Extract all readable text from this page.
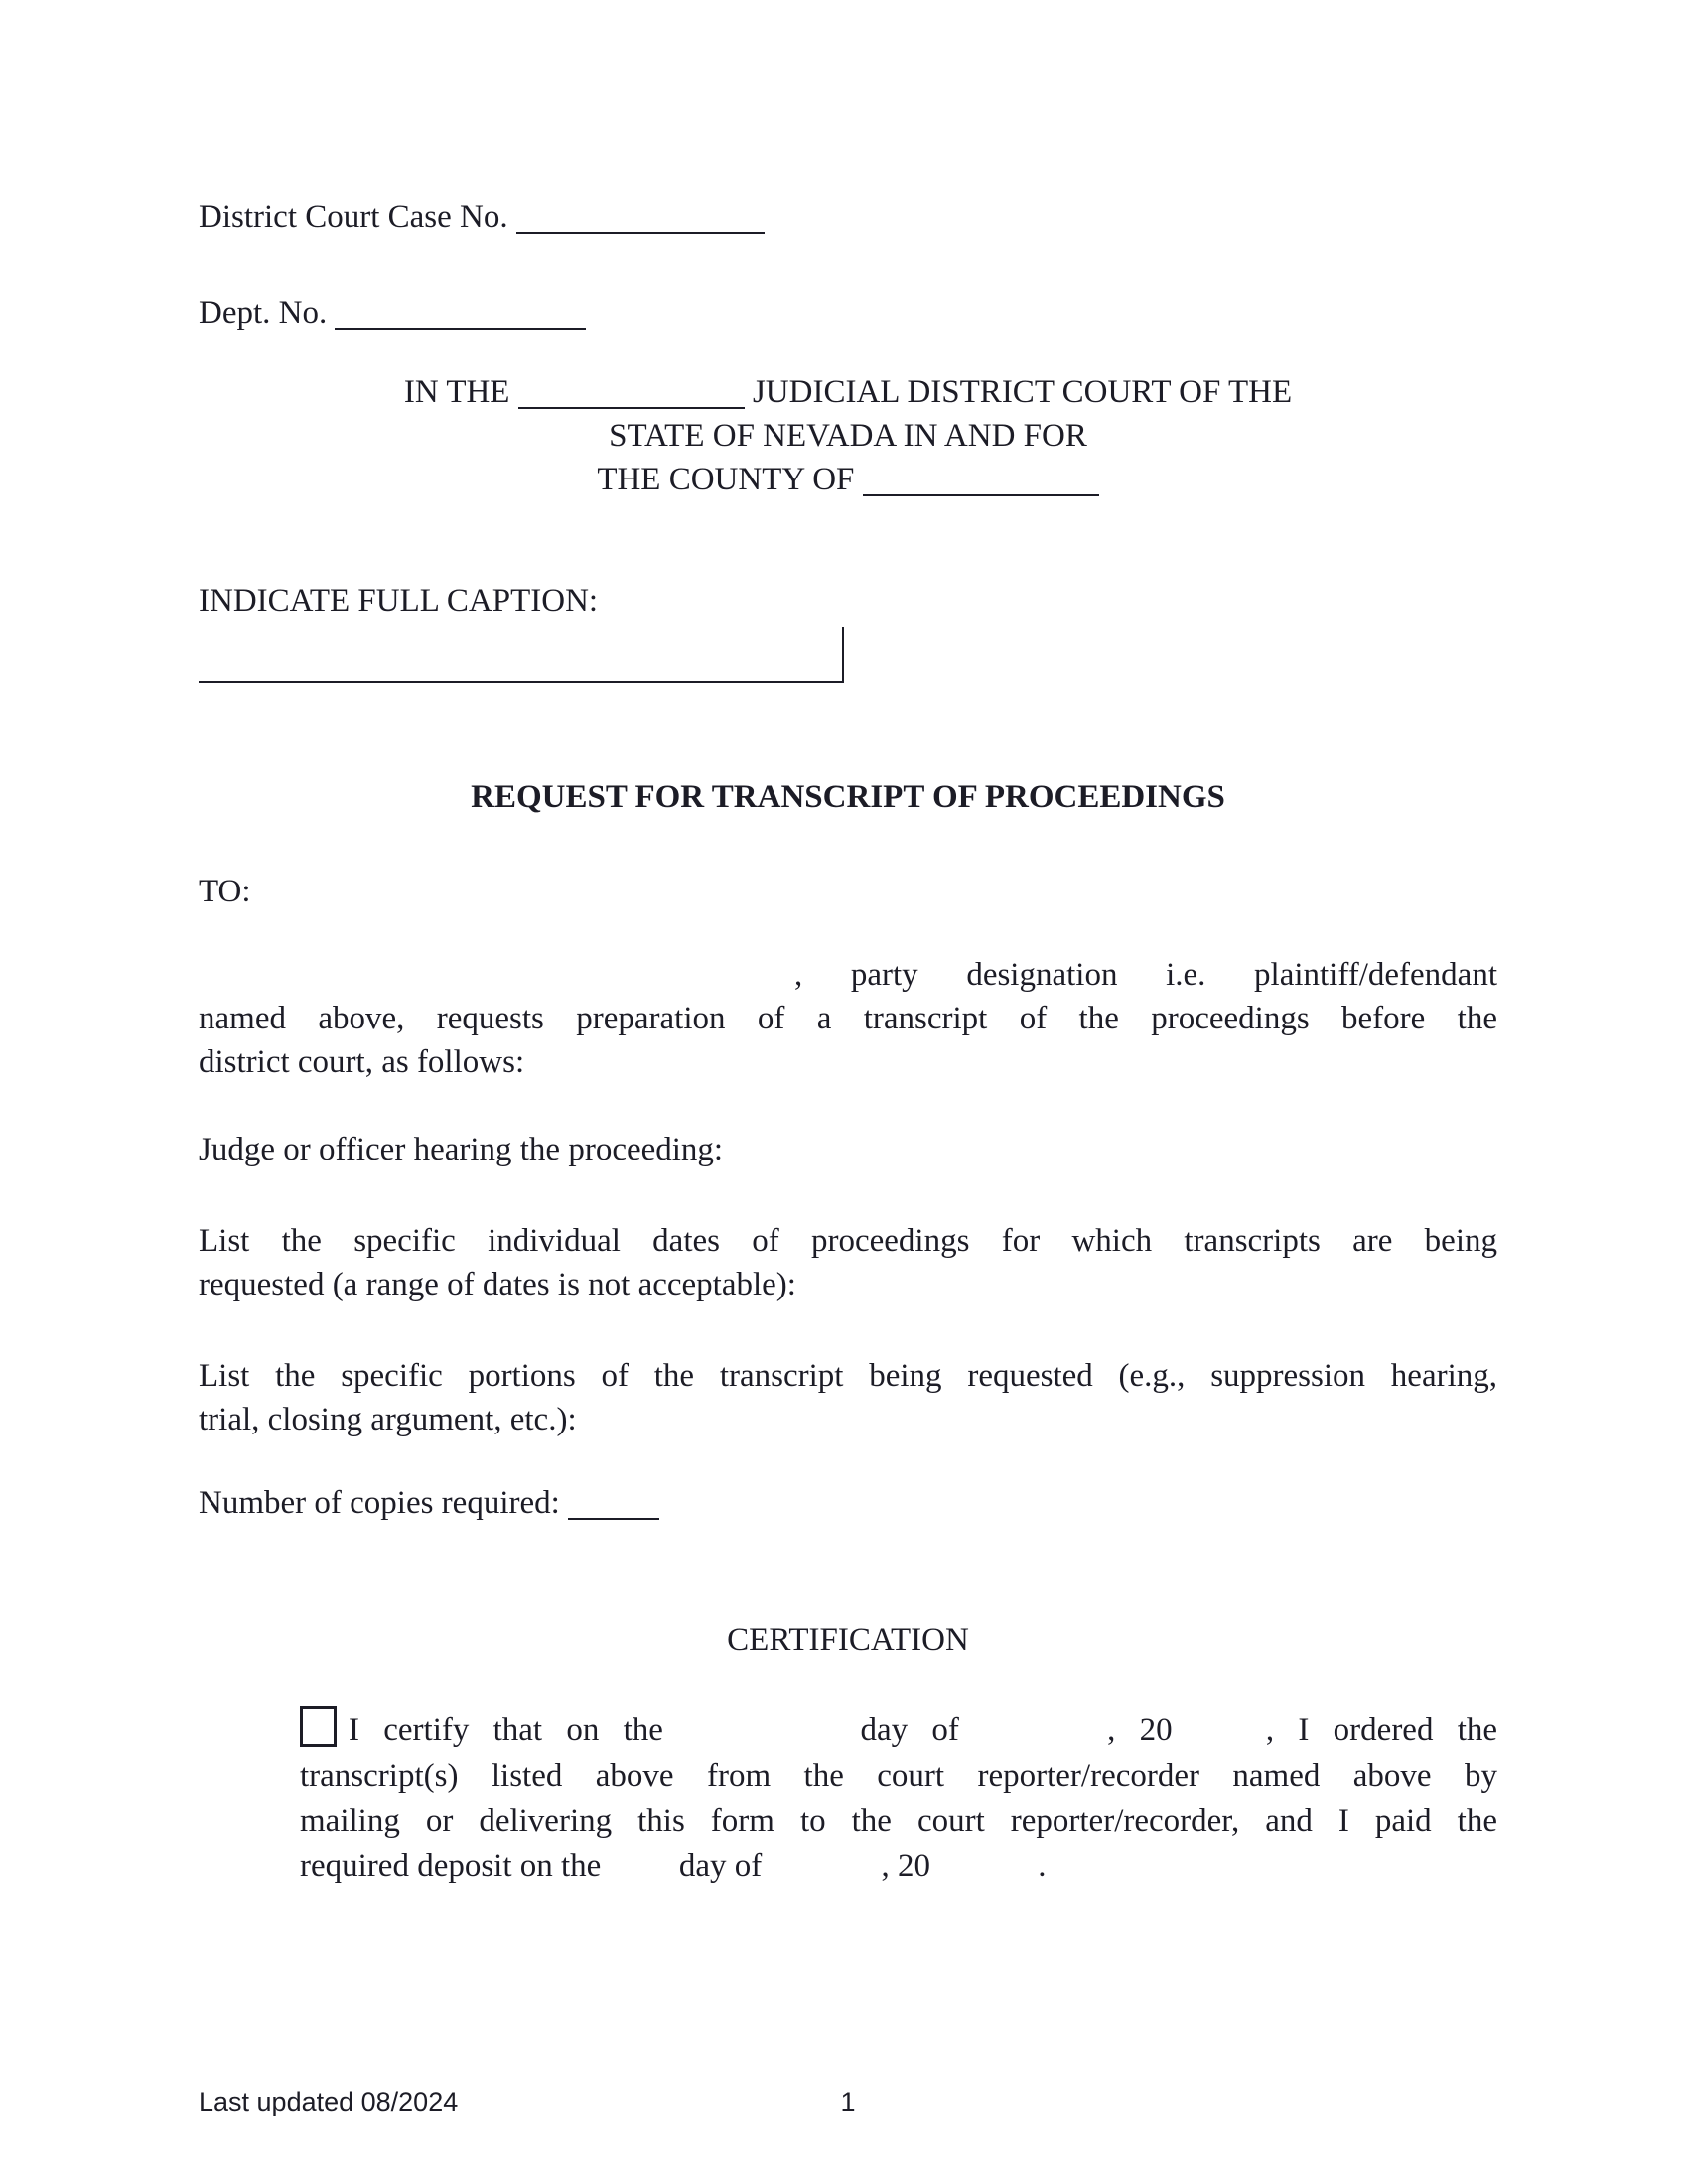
District Court Case No.
Dept. No.
IN THE	JUDICIAL DISTRICT COURT OF THE
STATE OF NEVADA IN AND FOR
THE COUNTY OF
INDICATE FULL CAPTION:
REQUEST FOR TRANSCRIPT OF PROCEEDINGS
TO:
, party designation i.e. plaintiff/defendant
named above, requests preparation of a transcript of the proceedings before the
district court, as follows:
Judge or officer hearing the proceeding:
List the specific individual dates of proceedings for which transcripts are being
requested (a range of dates is not acceptable):
List the specific portions of the transcript being requested (e.g., suppression hearing,
trial, closing argument, etc.):
Number of copies required:
CERTIFICATION
I certify that on the	day of	, 20	, I ordered the
transcript(s) listed above from the court reporter/recorder named above by
mailing or delivering this form to the court reporter/recorder, and I paid the
required deposit on the day of	, 20	.
Last updated 08/2024	1
